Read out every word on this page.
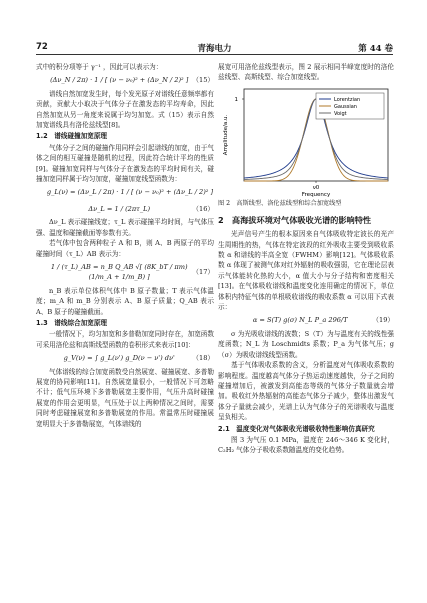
72	青海电力	第 44 卷

式中的积分项等于 γ⁻¹ ，因此可以表示为：

(Δν_N / 2π) · 1 / [ (ν − ν₀)² + (Δν_N / 2)² ] （15）

谱线自然加宽发生时，每个发光原子对谱线任意频率都有贡献，贡献大小取决于气体分子在激发态的平均寿命，因此自然加宽从另一角度来说属于均匀加宽。式（15）表示自然加宽谱线具有洛伦兹线型[8]。

1.2　谱线碰撞加宽原理

气体分子之间的碰撞作用同样会引起谱线的加宽，由于气体之间的相互碰撞是随机的过程，因此符合统计平均的性质[9]。碰撞加宽同样与气体分子在激发态的平均时间有关，碰撞加宽同样属于均匀加宽，碰撞加宽线型函数为：

g_L(ν) = (Δν_L / 2π) · 1 / [ (ν − ν₀)² + (Δν_L / 2)² ]
Δν_L = 1 / (2πτ_L)	（16）

Δν_L 表示碰撞线宽；τ_L 表示碰撞平均时间，与气体压强、温度和碰撞截面等参数有关。

若气体中包含两种粒子 A 和 B，则 A、B 两原子的平均碰撞时间（τ_L）AB 表示为：

1 / (τ_L)_AB = n_B Q_AB √[ (8K_bT / πm)(1/m_A + 1/m_B) ]
（17）

n_B 表示单位体积气体中 B 原子数量；T 表示气体温度；m_A 和 m_B 分别表示 A、B 原子质量；Q_AB 表示 A、B 原子的碰撞截面。

1.3　谱线综合加宽原理

一般情况下，均匀加宽和多普勒加宽同时存在，加宽函数可采用洛伦兹和高斯线型函数的卷积形式来表示[10]：

g_V(ν) = ∫ g_L(ν') g_D(ν − ν') dν'	（18）

气体谱线的综合加宽函数受自然展宽、碰撞展宽、多普勒展宽的协同影响[11]。自然展宽量很小，一般情况下可忽略不计；低气压环境下多普勒展宽主要作用，气压升高时碰撞展宽的作用会更明显，气压处于以上两种情况之间时，需要同时考虑碰撞展宽和多普勒展宽的作用。常温常压时碰撞展宽明显大于多普勒展宽，气体谱线的

展宽可用洛伦兹线型表示，图 2 展示相同半峰宽度时的洛伦兹线型、高斯线型、综合加宽线型。

1
ν0
Frequency
Amplitude/a.u.
Lorentzian
Gaussian
Voigt

图 2　高斯线型、洛伦兹线型和综合加宽线型

2　高海拔环境对气体吸收光谱的影响特性

光声信号产生的根本原因来自气体吸收特定波长的光产生周期性的热，气体在特定波段的红外吸收主要受到吸收系数 α 和谱线的半高全宽（FWHM）影响[12]。气体吸收系数 α 体现了被测气体对红外辐射的吸收强弱，它在理论层表示气体能转化热的大小，α 值大小与分子结构和密度相关[13]。在气体吸收谱线和温度变化连用确定的情况下，单位体积内特征气体的单根吸收谱线的吸收系数 α 可以用下式表示：

α = S(T) g(σ) N_L P_a 296/T	（19）

σ 为光吸收谱线的波数；S（T）为与温度有关的线性强度函数；N_L 为 Loschmidts 系数；P_a 为气体气压；g（σ）为吸收谱线线型函数。

基于气体吸收系数的含义，分析温度对气体吸收系数的影响程度。温度越高气体分子热运动速度越快，分子之间的碰撞增加后，被激发到高能态等级的气体分子数量就会增加。吸收红外热辐射的高能态气体分子减少，整体出激发气体分子量就会减少，光谱上认为气体分子的光谱吸收与温度呈负相关。

2.1　温度变化对气体吸收光谱吸收特性影响仿真研究

图 3 为气压 0.1 MPa，温度在 246～346 K 变化时，C₂H₂ 气体分子吸收系数随温度的变化趋势。
